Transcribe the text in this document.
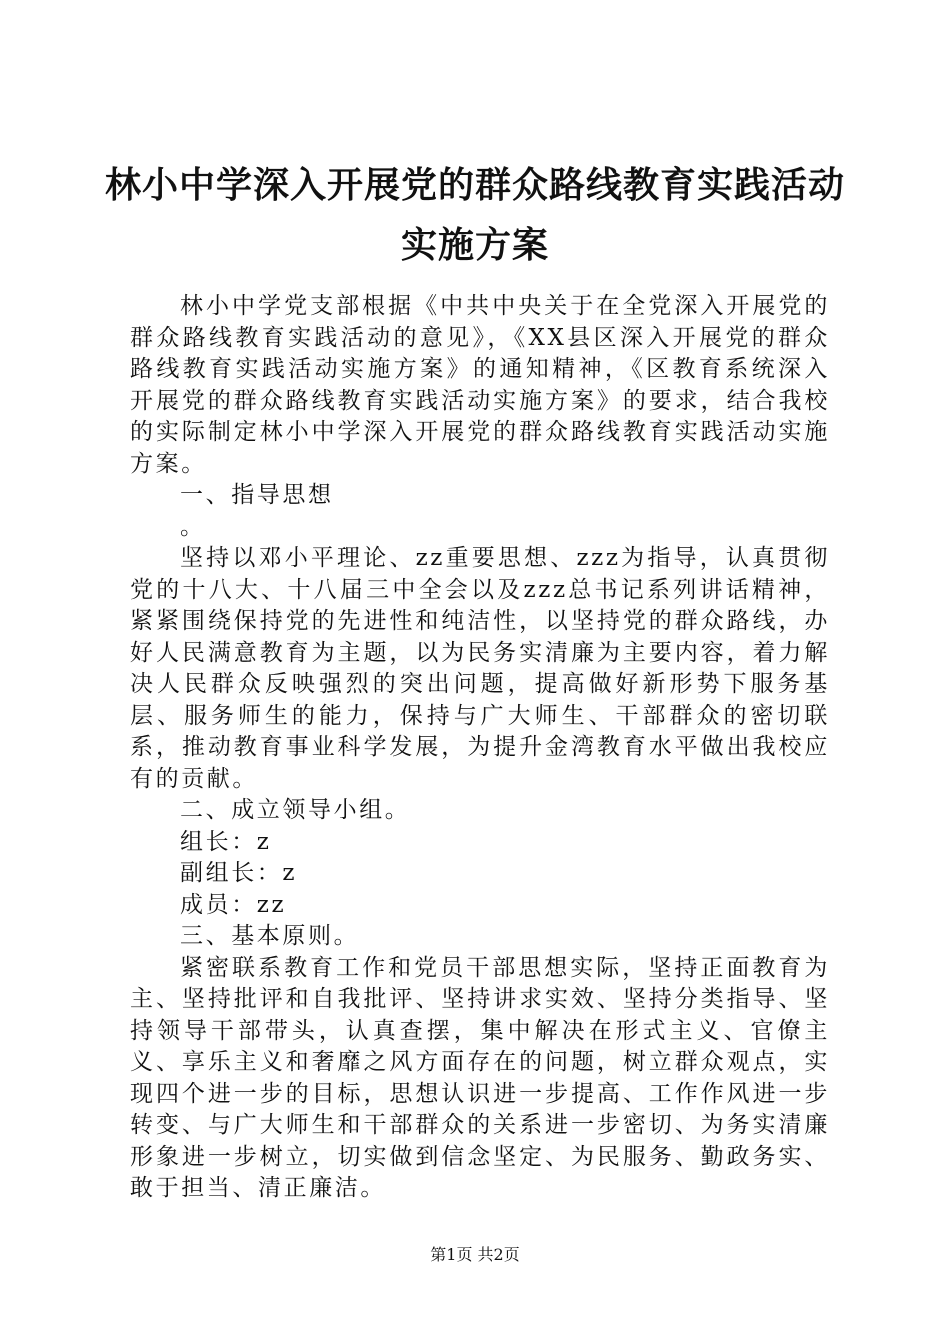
林小中学深入开展党的群众路线教育实践活动
实施方案

林小中学党支部根据《中共中央关于在全党深入开展党的群众路线教育实践活动的意见》，《XX县区深入开展党的群众路线教育实践活动实施方案》的通知精神，《区教育系统深入开展党的群众路线教育实践活动实施方案》的要求，结合我校的实际制定林小中学深入开展党的群众路线教育实践活动实施方案。

一、指导思想

。

坚持以邓小平理论、zz重要思想、zzz为指导，认真贯彻党的十八大、十八届三中全会以及zzz总书记系列讲话精神，紧紧围绕保持党的先进性和纯洁性，以坚持党的群众路线，办好人民满意教育为主题，以为民务实清廉为主要内容，着力解决人民群众反映强烈的突出问题，提高做好新形势下服务基层、服务师生的能力，保持与广大师生、干部群众的密切联系，推动教育事业科学发展，为提升金湾教育水平做出我校应有的贡献。

二、成立领导小组。

组长：z

副组长：z

成员：zz

三、基本原则。

紧密联系教育工作和党员干部思想实际，坚持正面教育为主、坚持批评和自我批评、坚持讲求实效、坚持分类指导、坚持领导干部带头，认真查摆，集中解决在形式主义、官僚主义、享乐主义和奢靡之风方面存在的问题，树立群众观点，实现四个进一步的目标，思想认识进一步提高、工作作风进一步转变、与广大师生和干部群众的关系进一步密切、为务实清廉形象进一步树立，切实做到信念坚定、为民服务、勤政务实、敢于担当、清正廉洁。

第1页 共2页
